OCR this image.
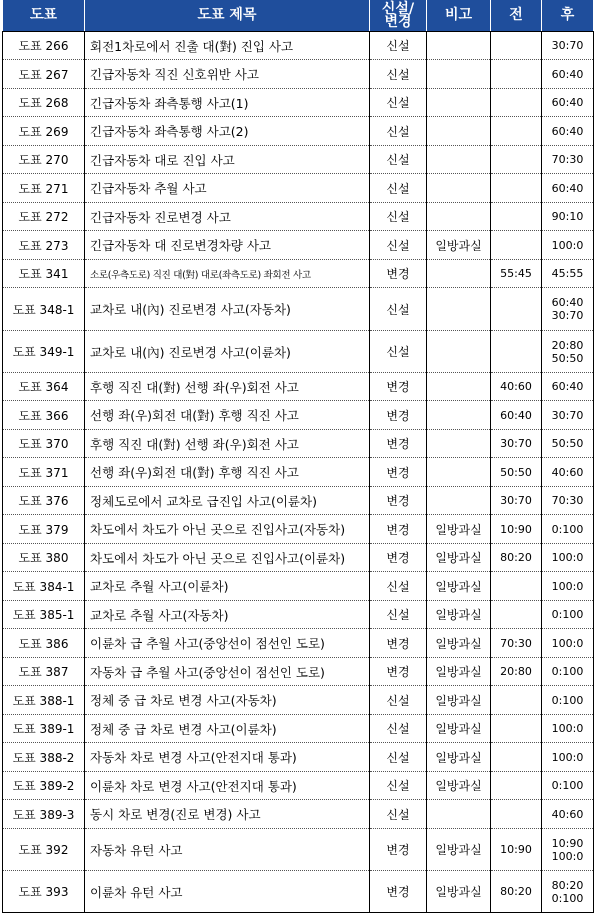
도표	도표 제목	신설/
변경	비고	전	후
도표 266	회전1차로에서 진출 대(對) 진입 사고	신설			30:70
도표 267	긴급자동차 직진 신호위반 사고	신설			60:40
도표 268	긴급자동차 좌측통행 사고(1)	신설			60:40
도표 269	긴급자동차 좌측통행 사고(2)	신설			60:40
도표 270	긴급자동차 대로 진입 사고	신설			70:30
도표 271	긴급자동차 추월 사고	신설			60:40
도표 272	긴급자동차 진로변경 사고	신설			90:10
도표 273	긴급자동차 대 진로변경차량 사고	신설	일방과실		100:0
도표 341	소로(우측도로) 직진 대(對) 대로(좌측도로) 좌회전 사고	변경		55:45	45:55
도표 348-1	교차로 내(內) 진로변경 사고(자동차)	신설			60:40
30:70

도표 349-1	교차로 내(內) 진로변경 사고(이륜차)	신설			20:80
50:50

도표 364	후행 직진 대(對) 선행 좌(우)회전 사고	변경		40:60	60:40
도표 366	선행 좌(우)회전 대(對) 후행 직진 사고	변경		60:40	30:70
도표 370	후행 직진 대(對) 선행 좌(우)회전 사고	변경		30:70	50:50
도표 371	선행 좌(우)회전 대(對) 후행 직진 사고	변경		50:50	40:60
도표 376	정체도로에서 교차로 급진입 사고(이륜차)	변경		30:70	70:30
도표 379	차도에서 차도가 아닌 곳으로 진입사고(자동차)	변경	일방과실	10:90	0:100
도표 380	차도에서 차도가 아닌 곳으로 진입사고(이륜차)	변경	일방과실	80:20	100:0
도표 384-1	교차로 추월 사고(이륜차)	신설	일방과실		100:0
도표 385-1	교차로 추월 사고(자동차)	신설	일방과실		0:100
도표 386	이륜차 급 추월 사고(중앙선이 점선인 도로)	변경	일방과실	70:30	100:0
도표 387	자동차 급 추월 사고(중앙선이 점선인 도로)	변경	일방과실	20:80	0:100
도표 388-1	정체 중 급 차로 변경 사고(자동차)	신설	일방과실		0:100
도표 389-1	정체 중 급 차로 변경 사고(이륜차)	신설	일방과실		100:0
도표 388-2	자동차 차로 변경 사고(안전지대 통과)	신설	일방과실		100:0
도표 389-2	이륜차 차로 변경 사고(안전지대 통과)	신설	일방과실		0:100
도표 389-3	동시 차로 변경(진로 변경) 사고	신설			40:60
도표 392	자동차 유턴 사고	변경	일방과실	10:90	10:90
100:0

도표 393	이륜차 유턴 사고	변경	일방과실	80:20	80:20
0:100
